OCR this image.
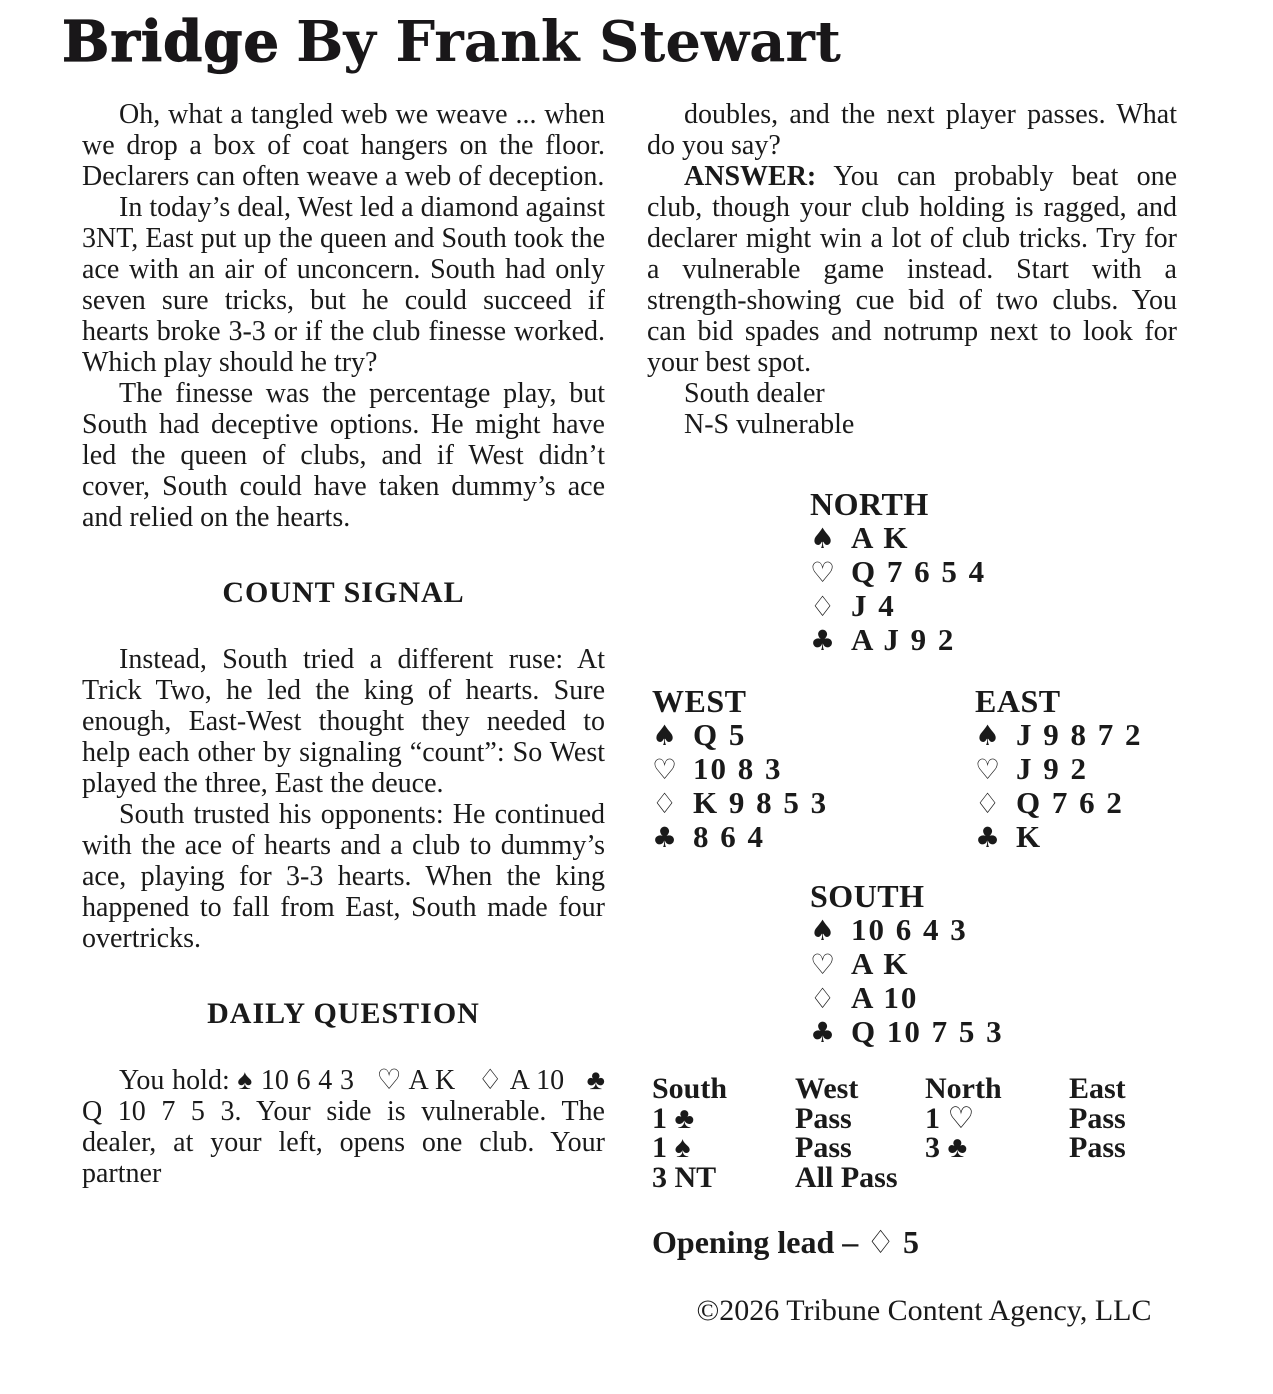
Bridge By Frank Stewart

Oh, what a tangled web we weave ... when we drop a box of coat hangers on the floor. Declarers can often weave a web of deception.

In today’s deal, West led a diamond against 3NT, East put up the queen and South took the ace with an air of unconcern. South had only seven sure tricks, but he could succeed if hearts broke 3-3 or if the club finesse worked. Which play should he try?

The finesse was the percentage play, but South had deceptive options. He might have led the queen of clubs, and if West didn’t cover, South could have taken dummy’s ace and relied on the hearts.

COUNT SIGNAL

Instead, South tried a different ruse: At Trick Two, he led the king of hearts. Sure enough, East-West thought they needed to help each other by signaling “count”: So West played the three, East the deuce.

South trusted his opponents: He continued with the ace of hearts and a club to dummy’s ace, playing for 3-3 hearts. When the king happened to fall from East, South made four overtricks.

DAILY QUESTION

You hold: ♠ 10 6 4 3  ♡ A K  ♢ A 10  ♣ Q 10 7 5 3. Your side is vulnerable. The dealer, at your left, opens one club. Your partner

doubles, and the next player passes. What do you say?

ANSWER: You can probably beat one club, though your club holding is ragged, and declarer might win a lot of club tricks. Try for a vulnerable game instead. Start with a strength-showing cue bid of two clubs. You can bid spades and notrump next to look for your best spot.

South dealer

N-S vulnerable

NORTH
♠ A K
♡ Q 7 6 5 4
♢ J 4
♣ A J 9 2
WEST
♠ Q 5
♡ 10 8 3
♢ K 9 8 5 3
♣ 8 6 4
EAST
♠ J 9 8 7 2
♡ J 9 2
♢ Q 7 6 2
♣ K
SOUTH
♠ 10 6 4 3
♡ A K
♢ A 10
♣ Q 10 7 5 3
South	West	North	East
1 ♣	Pass	1 ♡	Pass
1 ♠	Pass	3 ♣	Pass
3 NT	All Pass
Opening lead – ♢ 5
©2026 Tribune Content Agency, LLC
